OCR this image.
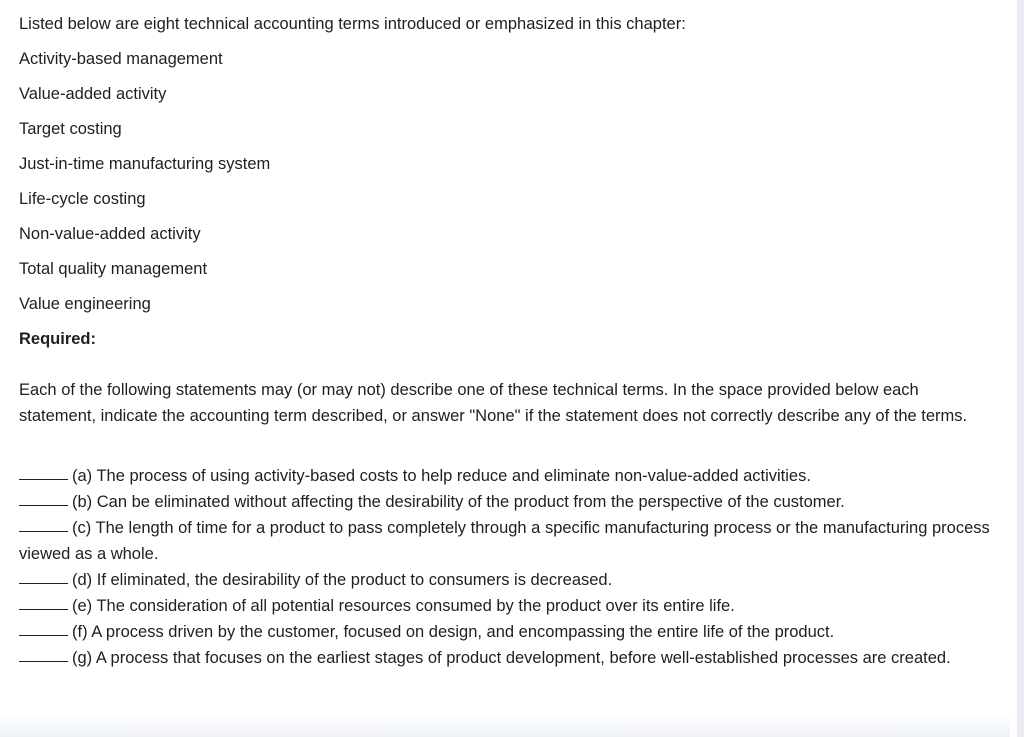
Listed below are eight technical accounting terms introduced or emphasized in this chapter:

Activity-based management

Value-added activity

Target costing

Just-in-time manufacturing system

Life-cycle costing

Non-value-added activity

Total quality management

Value engineering

Required:

Each of the following statements may (or may not) describe one of these technical terms. In the space provided below each statement, indicate the accounting term described, or answer "None" if the statement does not correctly describe any of the terms.

(a) The process of using activity-based costs to help reduce and eliminate non-value-added activities.

(b) Can be eliminated without affecting the desirability of the product from the perspective of the customer.

(c) The length of time for a product to pass completely through a specific manufacturing process or the manufacturing process viewed as a whole.

(d) If eliminated, the desirability of the product to consumers is decreased.

(e) The consideration of all potential resources consumed by the product over its entire life.

(f) A process driven by the customer, focused on design, and encompassing the entire life of the product.

(g) A process that focuses on the earliest stages of product development, before well-established processes are created.
